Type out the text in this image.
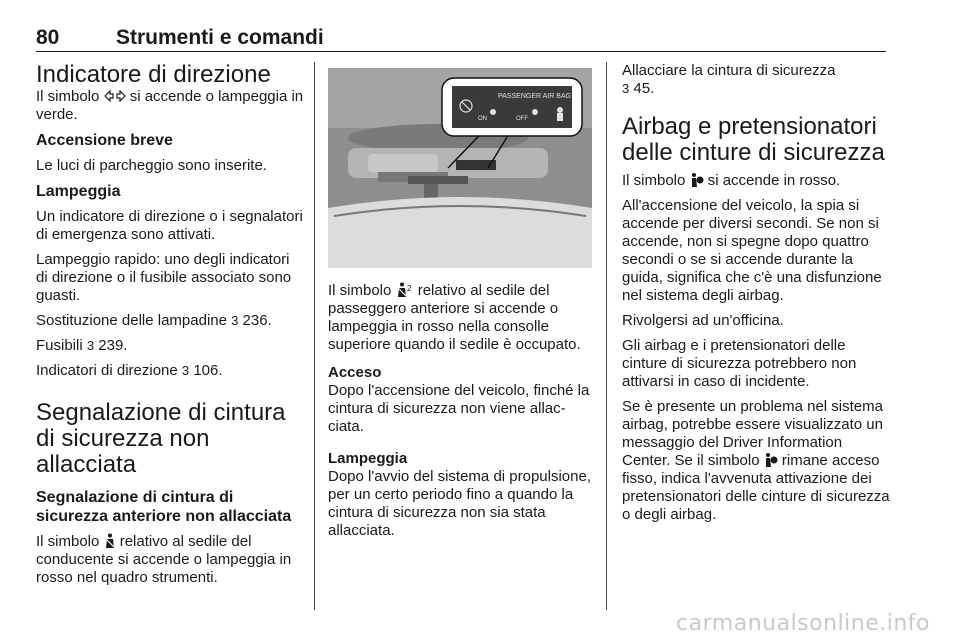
80	Strumenti e comandi
Indicatore di direzione

Il simbolo si accende o lampeggia in verde.

Accensione breve

Le luci di parcheggio sono inserite.

Lampeggia

Un indicatore di direzione o i segnalatori di emergenza sono attivati.

Lampeggio rapido: uno degli indicatori di direzione o il fusibile associato sono guasti.

Sostituzione delle lampadine 3 236.

Fusibili 3 239.

Indicatori di direzione 3 106.

Segnalazione di cintura di sicurezza non allacciata
Segnalazione di cintura di sicurezza anteriore non allacciata

Il simbolo relativo al sedile del conducente si accende o lampeggia in rosso nel quadro strumenti.

PASSENGER AIR BAG
ON	OFF

Il simbolo 2 relativo al sedile del passeggero anteriore si accende o lampeggia in rosso nella consolle superiore quando il sedile è occupato.

Acceso

Dopo l'accensione del veicolo, finché la cintura di sicurezza non viene allacciata.

Lampeggia

Dopo l'avvio del sistema di propulsione, per un certo periodo fino a quando la cintura di sicurezza non sia stata allacciata.

Allacciare la cintura di sicurezza
3 45.

Airbag e pretensionatori delle cinture di sicurezza

Il simbolo si accende in rosso.

All'accensione del veicolo, la spia si accende per diversi secondi. Se non si accende, non si spegne dopo quattro secondi o se si accende durante la guida, significa che c'è una disfunzione nel sistema degli airbag.

Rivolgersi ad un'officina.

Gli airbag e i pretensionatori delle cinture di sicurezza potrebbero non attivarsi in caso di incidente.

Se è presente un problema nel sistema airbag, potrebbe essere visualizzato un messaggio del Driver Information Center. Se il simbolo rimane acceso fisso, indica l'avvenuta attivazione dei pretensionatori delle cinture di sicurezza o degli airbag.

carmanualsonline.info
